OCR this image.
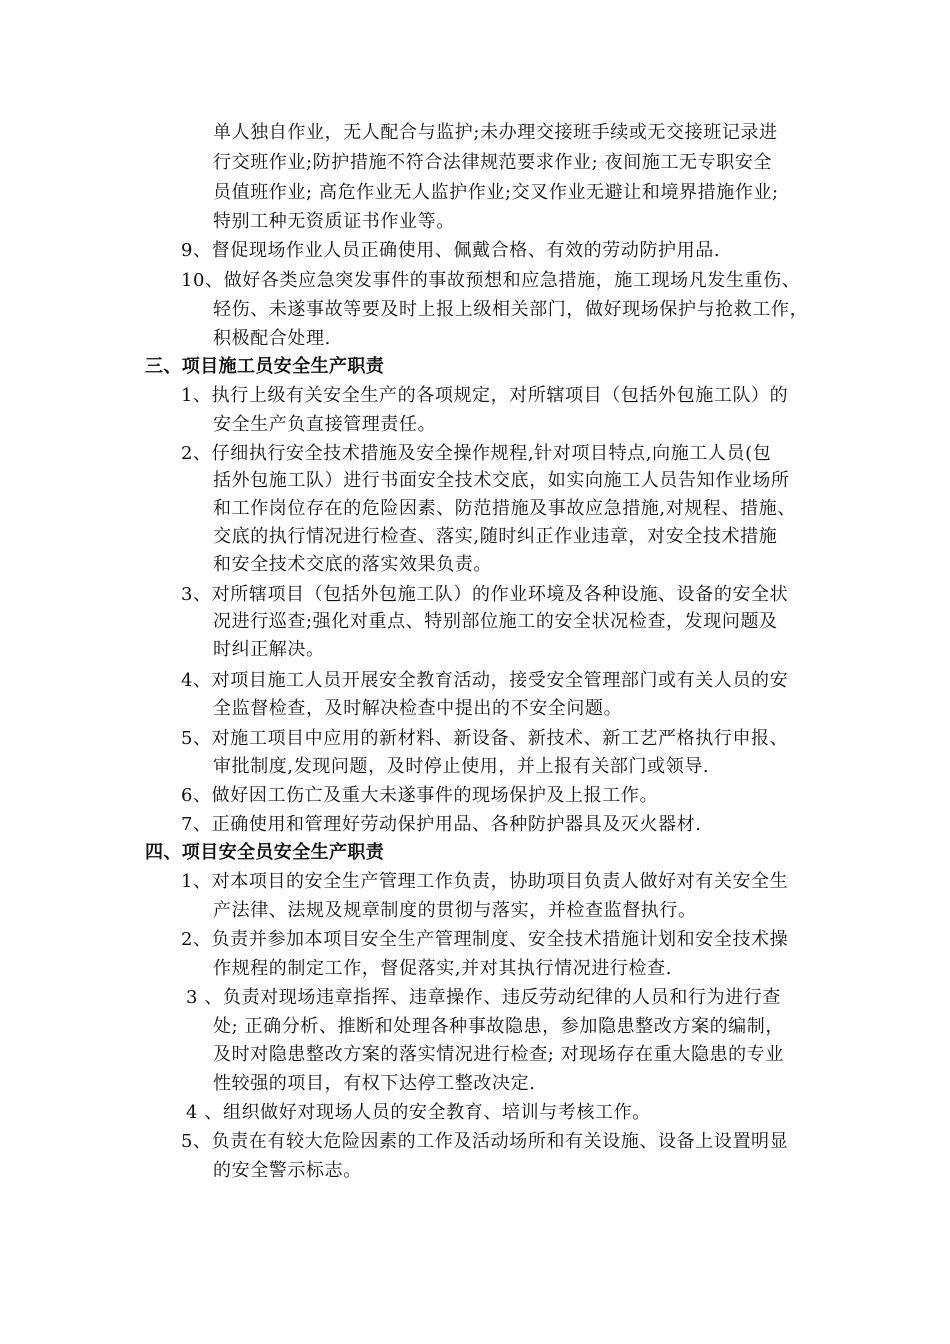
单人独自作业，无人配合与监护;未办理交接班手续或无交接班记录进
行交班作业;防护措施不符合法律规范要求作业; 夜间施工无专职安全
员值班作业; 高危作业无人监护作业;交叉作业无避让和境界措施作业;
特别工种无资质证书作业等。
9、督促现场作业人员正确使用、佩戴合格、有效的劳动防护用品.
10、做好各类应急突发事件的事故预想和应急措施，施工现场凡发生重伤、
轻伤、未遂事故等要及时上报上级相关部门，做好现场保护与抢救工作，
积极配合处理.
三、项目施工员安全生产职责
1、执行上级有关安全生产的各项规定，对所辖项目（包括外包施工队）的
安全生产负直接管理责任。
2、仔细执行安全技术措施及安全操作规程,针对项目特点,向施工人员(包
括外包施工队）进行书面安全技术交底，如实向施工人员告知作业场所
和工作岗位存在的危险因素、防范措施及事故应急措施,对规程、措施、
交底的执行情况进行检查、落实,随时纠正作业违章，对安全技术措施
和安全技术交底的落实效果负责。
3、对所辖项目（包括外包施工队）的作业环境及各种设施、设备的安全状
况进行巡查;强化对重点、特别部位施工的安全状况检查，发现问题及
时纠正解决。
4、对项目施工人员开展安全教育活动，接受安全管理部门或有关人员的安
全监督检查，及时解决检查中提出的不安全问题。
5、对施工项目中应用的新材料、新设备、新技术、新工艺严格执行申报、
审批制度,发现问题，及时停止使用，并上报有关部门或领导.
6、做好因工伤亡及重大未遂事件的现场保护及上报工作。
7、正确使用和管理好劳动保护用品、各种防护器具及灭火器材.
四、项目安全员安全生产职责
1、对本项目的安全生产管理工作负责，协助项目负责人做好对有关安全生
产法律、法规及规章制度的贯彻与落实，并检查监督执行。
2、负责并参加本项目安全生产管理制度、安全技术措施计划和安全技术操
作规程的制定工作，督促落实,并对其执行情况进行检查.
3 、负责对现场违章指挥、违章操作、违反劳动纪律的人员和行为进行查
处; 正确分析、推断和处理各种事故隐患，参加隐患整改方案的编制，
及时对隐患整改方案的落实情况进行检查; 对现场存在重大隐患的专业
性较强的项目，有权下达停工整改决定.
4 、组织做好对现场人员的安全教育、培训与考核工作。
5、负责在有较大危险因素的工作及活动场所和有关设施、设备上设置明显
的安全警示标志。
